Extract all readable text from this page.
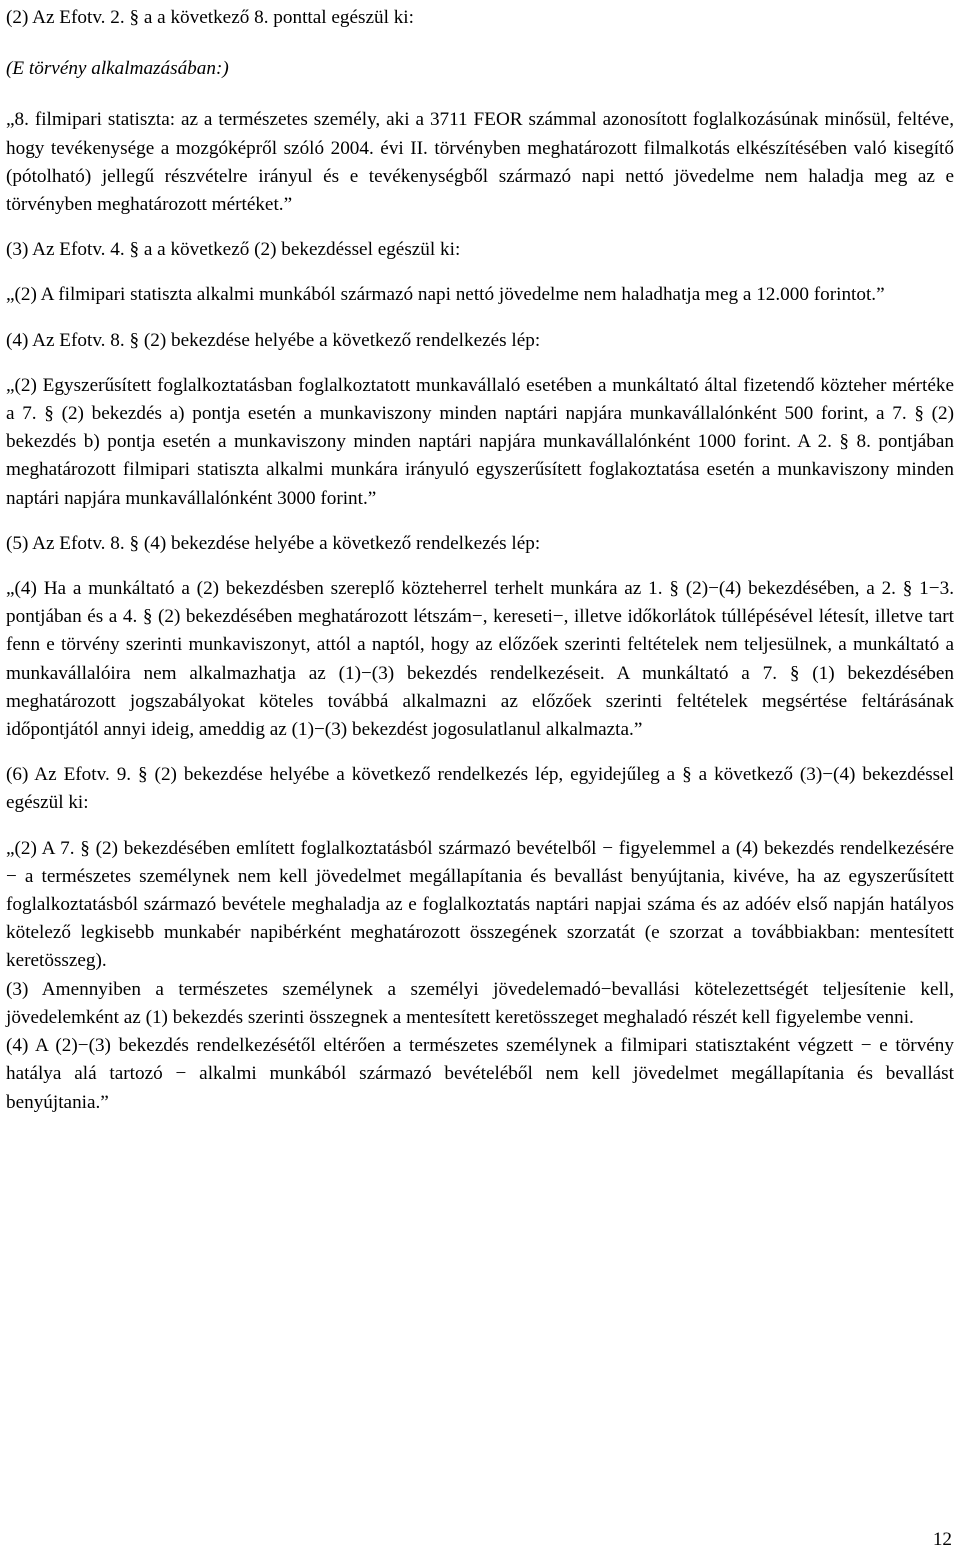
(2) Az Efotv. 2. § a a következő 8. ponttal egészül ki:

(E törvény alkalmazásában:)

„8. filmipari statiszta: az a természetes személy, aki a 3711 FEOR számmal azonosított foglalkozásúnak minősül, feltéve, hogy tevékenysége a mozgóképről szóló 2004. évi II. törvényben meghatározott filmalkotás elkészítésében való kisegítő (pótolható) jellegű részvételre irányul és e tevékenységből származó napi nettó jövedelme nem haladja meg az e törvényben meghatározott mértéket.”

(3) Az Efotv. 4. § a a következő (2) bekezdéssel egészül ki:

„(2) A filmipari statiszta alkalmi munkából származó napi nettó jövedelme nem haladhatja meg a 12.000 forintot.”

(4) Az Efotv. 8. § (2) bekezdése helyébe a következő rendelkezés lép:

„(2) Egyszerűsített foglalkoztatásban foglalkoztatott munkavállaló esetében a munkáltató által fizetendő közteher mértéke a 7. § (2) bekezdés a) pontja esetén a munkaviszony minden naptári napjára munkavállalónként 500 forint, a 7. § (2) bekezdés b) pontja esetén a munkaviszony minden naptári napjára munkavállalónként 1000 forint. A 2. § 8. pontjában meghatározott filmipari statiszta alkalmi munkára irányuló egyszerűsített foglakoztatása esetén a munkaviszony minden naptári napjára munkavállalónként 3000 forint.”

(5) Az Efotv. 8. § (4) bekezdése helyébe a következő rendelkezés lép:

„(4) Ha a munkáltató a (2) bekezdésben szereplő közteherrel terhelt munkára az 1. § (2)−(4) bekezdésében, a 2. § 1−3. pontjában és a 4. § (2) bekezdésében meghatározott létszám−, kereseti−, illetve időkorlátok túllépésével létesít, illetve tart fenn e törvény szerinti munkaviszonyt, attól a naptól, hogy az előzőek szerinti feltételek nem teljesülnek, a munkáltató a munkavállalóira nem alkalmazhatja az (1)−(3) bekezdés rendelkezéseit. A munkáltató a 7. § (1) bekezdésében meghatározott jogszabályokat köteles továbbá alkalmazni az előzőek szerinti feltételek megsértése feltárásának időpontjától annyi ideig, ameddig az (1)−(3) bekezdést jogosulatlanul alkalmazta.”

(6) Az Efotv. 9. § (2) bekezdése helyébe a következő rendelkezés lép, egyidejűleg a § a következő (3)−(4) bekezdéssel egészül ki:

„(2) A 7. § (2) bekezdésében említett foglalkoztatásból származó bevételből − figyelemmel a (4) bekezdés rendelkezésére − a természetes személynek nem kell jövedelmet megállapítania és bevallást benyújtania, kivéve, ha az egyszerűsített foglalkoztatásból származó bevétele meghaladja az e foglalkoztatás naptári napjai száma és az adóév első napján hatályos kötelező legkisebb munkabér napibérként meghatározott összegének szorzatát (e szorzat a továbbiakban: mentesített keretösszeg).

(3) Amennyiben a természetes személynek a személyi jövedelemadó−bevallási kötelezettségét teljesítenie kell, jövedelemként az (1) bekezdés szerinti összegnek a mentesített keretösszeget meghaladó részét kell figyelembe venni.

(4) A (2)−(3) bekezdés rendelkezésétől eltérően a természetes személynek a filmipari statisztaként végzett − e törvény hatálya alá tartozó − alkalmi munkából származó bevételéből nem kell jövedelmet megállapítania és bevallást benyújtania.”

12
